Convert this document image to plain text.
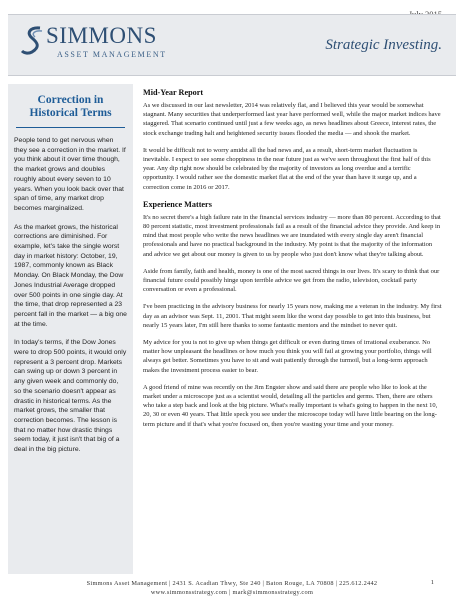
SIMMONS
ASSET MANAGEMENT
Strategic Investing.
Correction in Historical Terms

People tend to get nervous when they see a correction in the market. If you think about it over time though, the market grows and doubles roughly about every seven to 10 years. When you look back over that span of time, any market drop becomes marginalized.

As the market grows, the historical corrections are diminished. For example, let's take the single worst day in market history: October, 19, 1987, commonly known as Black Monday. On Black Monday, the Dow Jones Industrial Average dropped over 500 points in one single day. At the time, that drop represented a 23 percent fall in the market — a big one at the time.

In today's terms, if the Dow Jones were to drop 500 points, it would only represent a 3 percent drop. Markets can swing up or down 3 percent in any given week and commonly do, so the scenario doesn't appear as drastic in historical terms. As the market grows, the smaller that correction becomes. The lesson is that no matter how drastic things seem today, it just isn't that big of a deal in the big picture.

Mid-Year Report

As we discussed in our last newsletter, 2014 was relatively flat, and I believed this year would be somewhat stagnant. Many securities that underperformed last year have performed well, while the major market indices have staggered. That scenario continued until just a few weeks ago, as news headlines about Greece, interest rates, the stock exchange trading halt and heightened security issues flooded the media — and shook the market.

It would be difficult not to worry amidst all the bad news and, as a result, short-term market fluctuation is inevitable. I expect to see some choppiness in the near future just as we've seen throughout the first half of this year. Any dip right now should be celebrated by the majority of investors as long overdue and a terrific opportunity. I would rather see the domestic market flat at the end of the year than have it surge up, and a correction come in 2016 or 2017.

Experience Matters

It's no secret there's a high failure rate in the financial services industry — more than 80 percent. According to that 80 percent statistic, most investment professionals fail as a result of the financial advice they provide. And keep in mind that most people who write the news headlines we are inundated with every single day aren't financial professionals and have no practical background in the industry. My point is that the majority of the information and advice we get about our money is given to us by people who just don't know what they're talking about.

Aside from family, faith and health, money is one of the most sacred things in our lives. It's scary to think that our financial future could possibly hinge upon terrible advice we get from the radio, television, cocktail party conversation or even a professional.

I've been practicing in the advisory business for nearly 15 years now, making me a veteran in the industry. My first day as an advisor was Sept. 11, 2001. That might seem like the worst day possible to get into this business, but nearly 15 years later, I'm still here thanks to some fantastic mentors and the mindset to never quit.

My advice for you is not to give up when things get difficult or even during times of irrational exuberance. No matter how unpleasant the headlines or how much you think you will fail at growing your portfolio, things will always get better. Sometimes you have to sit and wait patiently through the turmoil, but a long-term approach makes the investment process easier to bear.

A good friend of mine was recently on the Jim Engster show and said there are people who like to look at the market under a microscope just as a scientist would, detailing all the particles and germs. Then, there are others who take a step back and look at the big picture. What's really important is what's going to happen in the next 10, 20, 30 or even 40 years. That little speck you see under the microscope today will have little bearing on the long-term picture and if that's what you're focused on, then you're wasting your time and your money.

Simmons Asset Management | 2431 S. Acadian Thwy, Ste 240 | Baton Rouge, LA 70808 | 225.612.2442
www.simmonsstrategy.com | mark@simmonsstrategy.com
1
